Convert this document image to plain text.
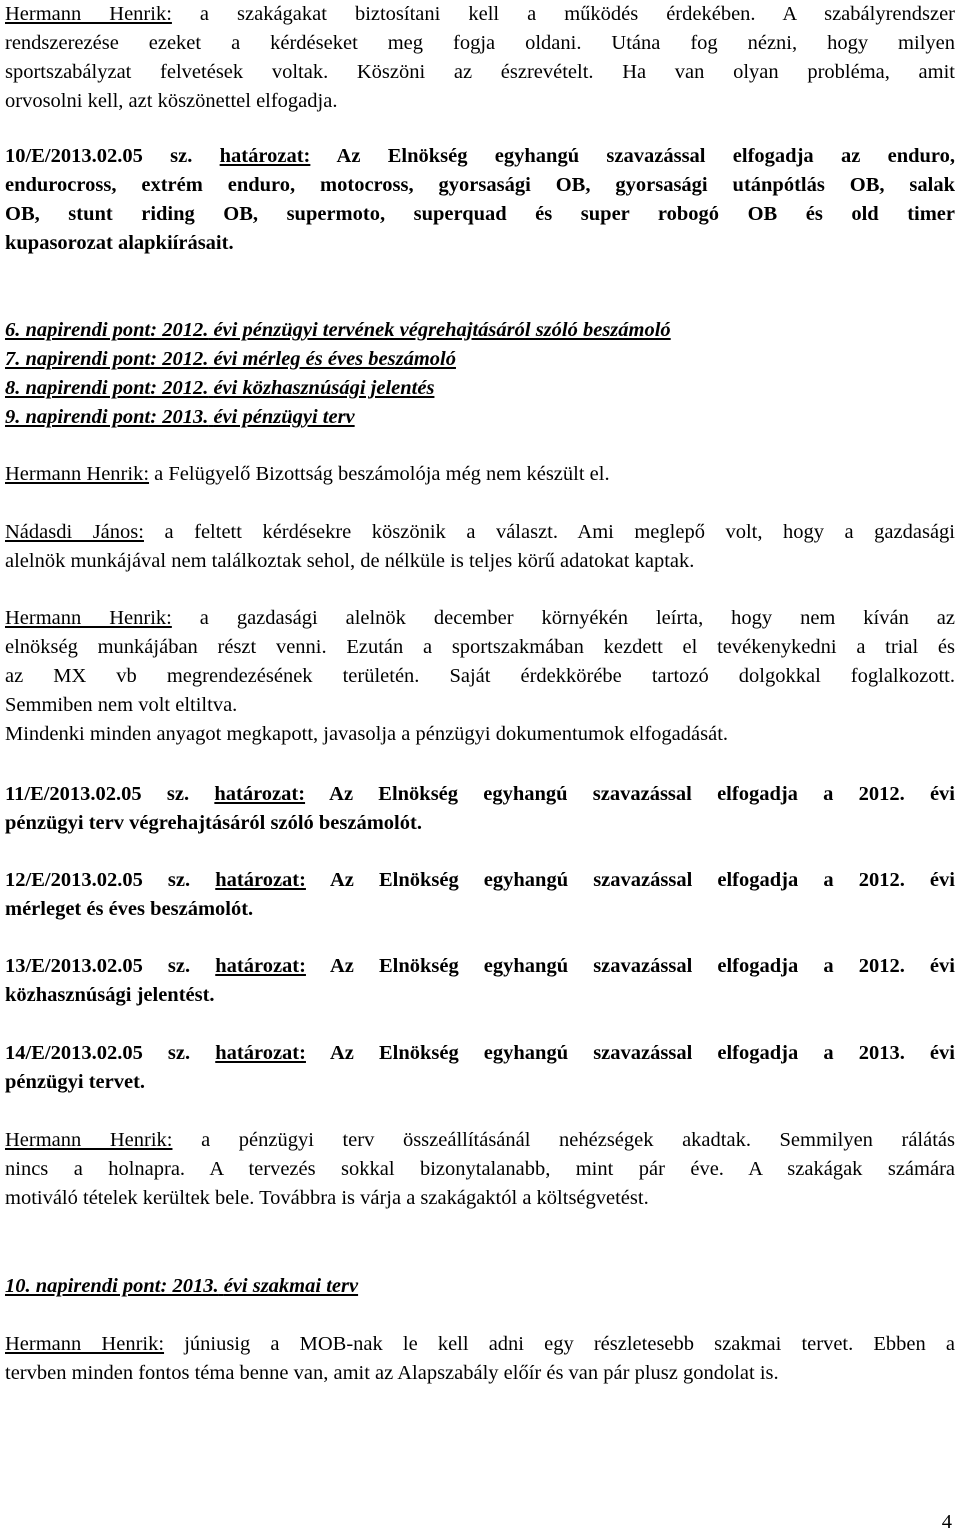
Hermann Henrik: a szakágakat biztosítani kell a működés érdekében. A szabályrendszer
rendszerezése ezeket a kérdéseket meg fogja oldani. Utána fog nézni, hogy milyen
sportszabályzat felvetések voltak. Köszöni az észrevételt. Ha van olyan probléma, amit
orvosolni kell, azt köszönettel elfogadja.
10/E/2013.02.05 sz. határozat: Az Elnökség egyhangú szavazással elfogadja az enduro,
endurocross, extrém enduro, motocross, gyorsasági OB, gyorsasági utánpótlás OB, salak
OB, stunt riding OB, supermoto, superquad és super robogó OB és old timer
kupasorozat alapkiírásait.
6. napirendi pont: 2012. évi pénzügyi tervének végrehajtásáról szóló beszámoló
7. napirendi pont: 2012. évi mérleg és éves beszámoló
8. napirendi pont: 2012. évi közhasznúsági jelentés
9. napirendi pont: 2013. évi pénzügyi terv
Hermann Henrik: a Felügyelő Bizottság beszámolója még nem készült el.
Nádasdi János: a feltett kérdésekre köszönik a választ. Ami meglepő volt, hogy a gazdasági
alelnök munkájával nem találkoztak sehol, de nélküle is teljes körű adatokat kaptak.
Hermann Henrik: a gazdasági alelnök december környékén leírta, hogy nem kíván az
elnökség munkájában részt venni. Ezután a sportszakmában kezdett el tevékenykedni a trial és
az MX vb megrendezésének területén. Saját érdekkörébe tartozó dolgokkal foglalkozott.
Semmiben nem volt eltiltva.
Mindenki minden anyagot megkapott, javasolja a pénzügyi dokumentumok elfogadását.
11/E/2013.02.05 sz. határozat: Az Elnökség egyhangú szavazással elfogadja a 2012. évi
pénzügyi terv végrehajtásáról szóló beszámolót.
12/E/2013.02.05 sz. határozat: Az Elnökség egyhangú szavazással elfogadja a 2012. évi
mérleget és éves beszámolót.
13/E/2013.02.05 sz. határozat: Az Elnökség egyhangú szavazással elfogadja a 2012. évi
közhasznúsági jelentést.
14/E/2013.02.05 sz. határozat: Az Elnökség egyhangú szavazással elfogadja a 2013. évi
pénzügyi tervet.
Hermann Henrik: a pénzügyi terv összeállításánál nehézségek akadtak. Semmilyen rálátás
nincs a holnapra. A tervezés sokkal bizonytalanabb, mint pár éve. A szakágak számára
motiváló tételek kerültek bele. Továbbra is várja a szakágaktól a költségvetést.
10. napirendi pont: 2013. évi szakmai terv
Hermann Henrik: júniusig a MOB-nak le kell adni egy részletesebb szakmai tervet. Ebben a
tervben minden fontos téma benne van, amit az Alapszabály előír és van pár plusz gondolat is.
4
